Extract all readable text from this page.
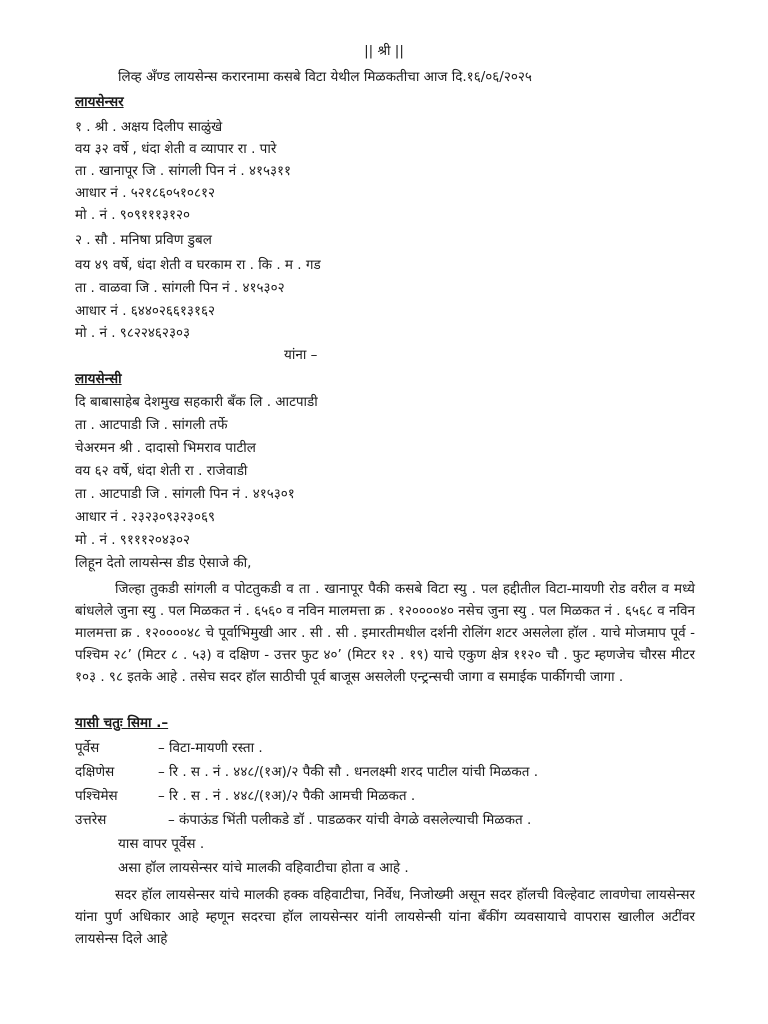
|| श्री ||
लिव्ह अँण्ड लायसेन्स करारनामा कसबे विटा येथील मिळकतीचा आज दि.१६/०६/२०२५
लायसेन्सर
१ . श्री . अक्षय दिलीप साळुंखे
वय ३२ वर्षे , धंदा शेती व व्यापार रा . पारे
ता . खानापूर जि . सांगली पिन नं . ४१५३११
आधार नं . ५२१८६०५१०८१२
मो . नं . ९०९१११३१२०
२ . सौ . मनिषा प्रविण डुबल
वय ४९ वर्षे, धंदा शेती व घरकाम रा . कि . म . गड
ता . वाळवा जि . सांगली पिन नं . ४१५३०२
आधार नं . ६४४०२६६१३१६२
मो . नं . ९८२२४६२३०३
यांना –
लायसेन्सी
दि बाबासाहेब देशमुख सहकारी बँक लि . आटपाडी
ता . आटपाडी जि . सांगली तर्फे
चेअरमन श्री . दादासो भिमराव पाटील
वय ६२ वर्षे, धंदा शेती रा . राजेवाडी
ता . आटपाडी जि . सांगली पिन नं . ४१५३०१
आधार नं . २३२३०९३२३०६९
मो . नं . ९१११२०४३०२
लिहून देतो लायसेन्स डीड ऐसाजे की,
जिल्हा तुकडी सांगली व पोटतुकडी व ता . खानापूर पैकी कसबे विटा स्यु . पल हद्दीतील विटा-मायणी रोड वरील व मध्ये बांधलेले जुना स्यु . पल मिळकत नं . ६५६० व नविन मालमत्ता क्र . १२००००४० नसेच जुना स्यु . पल मिळकत नं . ६५६८ व नविन मालमत्ता क्र . १२००००४८ चे पूर्वाभिमुखी आर . सी . सी . इमारतीमधील दर्शनी रोलिंग शटर असलेला हॉल . याचे मोजमाप पूर्व - पश्चिम २८’ (मिटर ८ . ५३) व दक्षिण - उत्तर फुट ४०’ (मिटर १२ . १९) याचे एकुण क्षेत्र ११२० चौ . फुट म्हणजेच चौरस मीटर १०३ . ९८ इतके आहे . तसेच सदर हॉल साठीची पूर्व बाजूस असलेली एन्ट्रन्सची जागा व समाईक पार्कीगची जागा .
यासी चतुः सिमा .–
पूर्वेस	– विटा-मायणी रस्ता .
दक्षिणेस	– रि . स . नं . ४४८/(१अ)/२ पैकी सौ . धनलक्ष्मी शरद पाटील यांची मिळकत .
पश्चिमेस	– रि . स . नं . ४४८/(१अ)/२ पैकी आमची मिळकत .
उत्तरेस	– कंपाऊंड भिंती पलीकडे डॉ . पाडळकर यांची वेगळे वसलेल्याची मिळकत .
यास वापर पूर्वेस .
असा हॉल लायसेन्सर यांचे मालकी वहिवाटीचा होता व आहे .
सदर हॉल लायसेन्सर यांचे मालकी हक्क वहिवाटीचा, निर्वेध, निजोख्मी असून सदर हॉलची विल्हेवाट लावणेचा लायसेन्सर यांना पुर्ण अधिकार आहे म्हणून सदरचा हॉल लायसेन्सर यांनी लायसेन्सी यांना बँकींग व्यवसायाचे वापरास खालील अटींवर लायसेन्स दिले आहे
